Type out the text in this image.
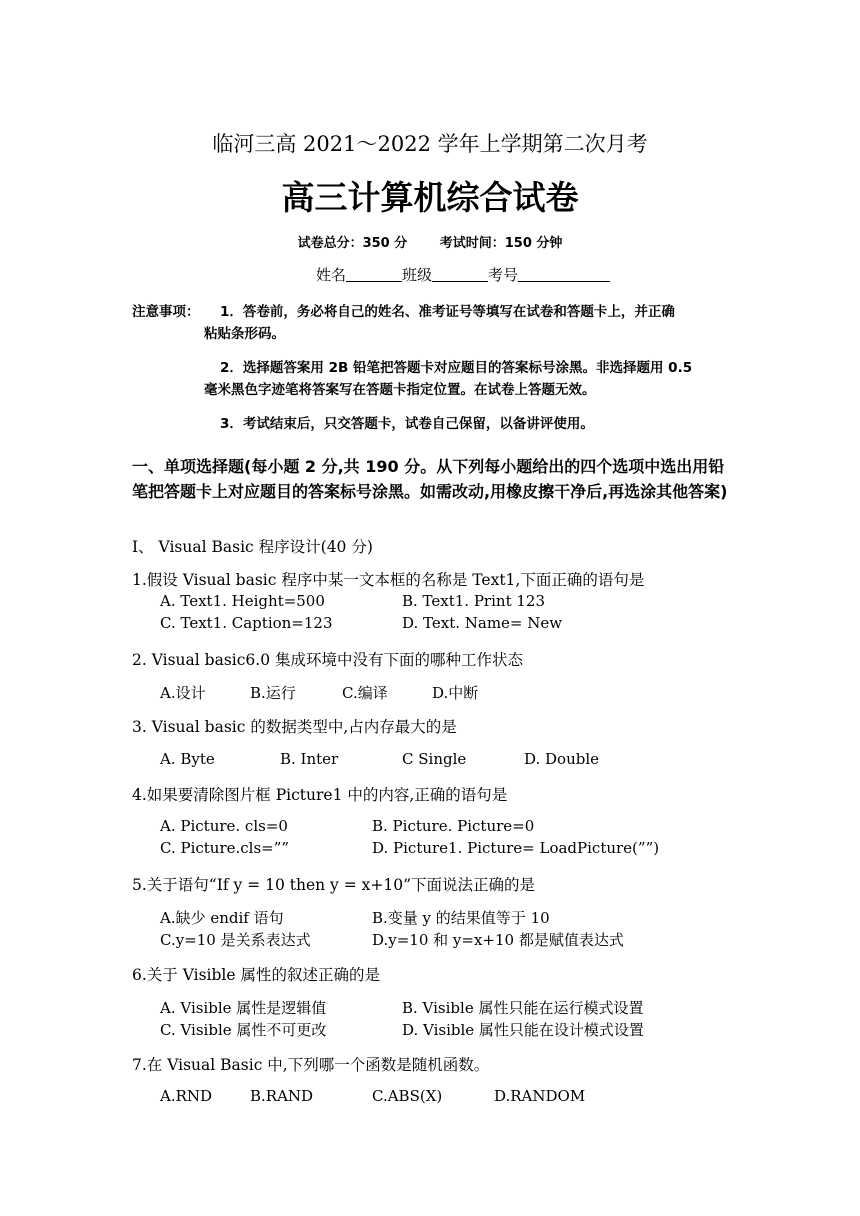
临河三高 2021～2022 学年上学期第二次月考
高三计算机综合试卷
试卷总分：350 分	考试时间：150 分钟
姓名	班级	考号
注意事项： 1．答卷前，务必将自己的姓名、准考证号等填写在试卷和答题卡上，并正确
粘贴条形码。
2．选择题答案用 2B 铅笔把答题卡对应题目的答案标号涂黑。非选择题用 0.5
毫米黑色字迹笔将答案写在答题卡指定位置。在试卷上答题无效。
3．考试结束后，只交答题卡，试卷自己保留，以备讲评使用。
一、单项选择题(每小题 2 分,共 190 分。从下列每小题给出的四个选项中选出用铅笔把答题卡上对应题目的答案标号涂黑。如需改动,用橡皮擦干净后,再选涂其他答案)
Ⅰ、 Visual Basic 程序设计(40 分)
1.假设 Visual basic 程序中某一文本框的名称是 Text1,下面正确的语句是
A. Text1. Height=500	B. Text1. Print 123
C. Text1. Caption=123	D. Text. Name= New
2. Visual basic6.0 集成环境中没有下面的哪种工作状态
A.设计	B.运行	C.编译	D.中断
3. Visual basic 的数据类型中,占内存最大的是
A. Byte	B. Inter	C Single	D. Double
4.如果要清除图片框 Picture1 中的内容,正确的语句是
A. Picture. cls=0	B. Picture. Picture=0
C. Picture.cls=””	D. Picture1. Picture= LoadPicture(””)
5.关于语句“If y = 10 then y = x+10”下面说法正确的是
A.缺少 endif 语句	B.变量 y 的结果值等于 10
C.y=10 是关系表达式	D.y=10 和 y=x+10 都是赋值表达式
6.关于 Visible 属性的叙述正确的是
A. Visible 属性是逻辑值	B. Visible 属性只能在运行模式设置
C. Visible 属性不可更改	D. Visible 属性只能在设计模式设置
7.在 Visual Basic 中,下列哪一个函数是随机函数。
A.RND	B.RAND	C.ABS(X)	D.RANDOM
